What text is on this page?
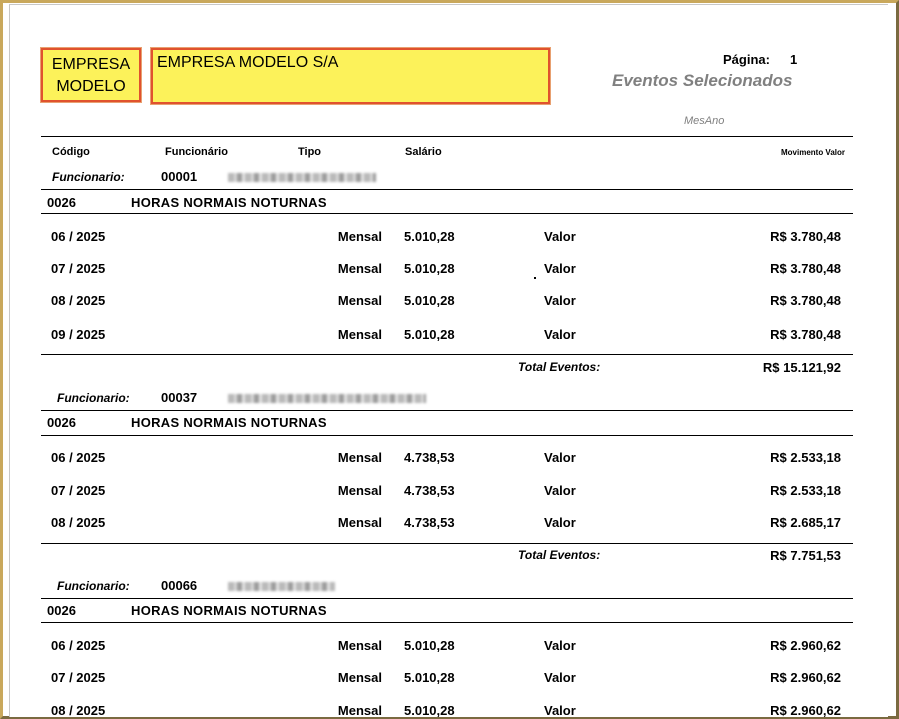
EMPRESA
MODELO
EMPRESA MODELO S/A	Página: 1
Eventos Selecionados
MesAno
Código	Funcionário	Tipo	Salário	Movimento Valor
Funcionario:	00001
0026	HORAS NORMAIS NOTURNAS
06 / 2025	Mensal 5.010,28	Valor	R$ 3.780,48
07 / 2025	Mensal 5.010,28	Valor	R$ 3.780,48
08 / 2025	Mensal 5.010,28	Valor	R$ 3.780,48
09 / 2025	Mensal 5.010,28	Valor	R$ 3.780,48
Total Eventos:	R$ 15.121,92
Funcionario: 00037
0026	HORAS NORMAIS NOTURNAS
06 / 2025	Mensal 4.738,53	Valor	R$ 2.533,18
07 / 2025	Mensal 4.738,53	Valor	R$ 2.533,18
08 / 2025	Mensal 4.738,53	Valor	R$ 2.685,17
Total Eventos:	R$ 7.751,53
Funcionario: 00066
0026	HORAS NORMAIS NOTURNAS
06 / 2025	Mensal 5.010,28	Valor	R$ 2.960,62
07 / 2025	Mensal 5.010,28	Valor	R$ 2.960,62
08 / 2025	Mensal 5.010,28	Valor	R$ 2.960,62
